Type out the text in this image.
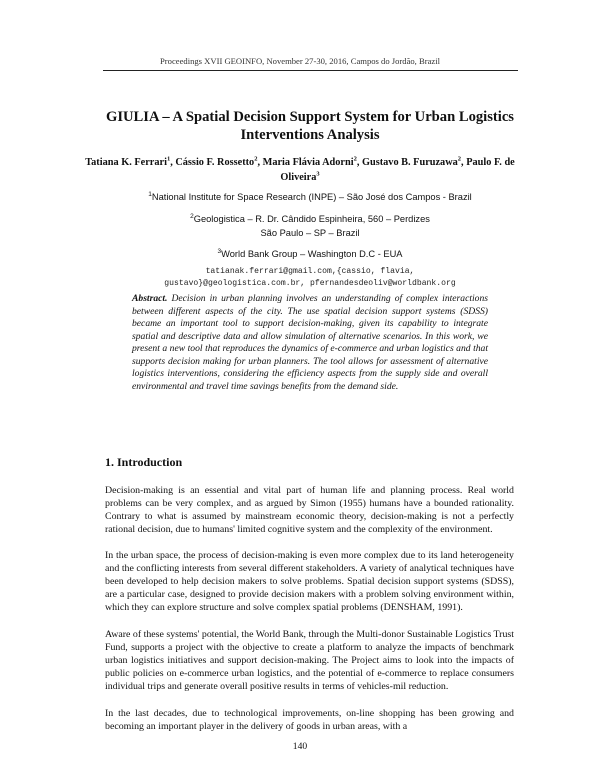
Proceedings XVII GEOINFO, November 27-30, 2016, Campos do Jordão, Brazil
GIULIA – A Spatial Decision Support System for Urban Logistics Interventions Analysis
Tatiana K. Ferrari$^1$, Cássio F. Rossetto$^2$, Maria Flávia Adorni$^2$, Gustavo B. Furuzawa$^2$, Paulo F. de Oliveira$^3$
$^1$National Institute for Space Research (INPE) – São José dos Campos - Brazil
$^2$Geologistica – R. Dr. Cândido Espinheira, 560 – Perdizes
São Paulo – SP – Brazil
$^3$World Bank Group – Washington D.C - EUA
tatianak.ferrari@gmail.com,{cassio, flavia,
gustavo}@geologistica.com.br, pfernandesdeoliv@worldbank.org
Abstract. Decision in urban planning involves an understanding of complex interactions between different aspects of the city. The use spatial decision support systems (SDSS) became an important tool to support decision-making, given its capability to integrate spatial and descriptive data and allow simulation of alternative scenarios. In this work, we present a new tool that reproduces the dynamics of e-commerce and urban logistics and that supports decision making for urban planners. The tool allows for assessment of alternative logistics interventions, considering the efficiency aspects from the supply side and overall environmental and travel time savings benefits from the demand side.
1. Introduction

Decision-making is an essential and vital part of human life and planning process. Real world problems can be very complex, and as argued by Simon (1955) humans have a bounded rationality. Contrary to what is assumed by mainstream economic theory, decision-making is not a perfectly rational decision, due to humans' limited cognitive system and the complexity of the environment.

In the urban space, the process of decision-making is even more complex due to its land heterogeneity and the conflicting interests from several different stakeholders. A variety of analytical techniques have been developed to help decision makers to solve problems. Spatial decision support systems (SDSS), are a particular case, designed to provide decision makers with a problem solving environment within, which they can explore structure and solve complex spatial problems (DENSHAM, 1991).

Aware of these systems' potential, the World Bank, through the Multi-donor Sustainable Logistics Trust Fund, supports a project with the objective to create a platform to analyze the impacts of benchmark urban logistics initiatives and support decision-making. The Project aims to look into the impacts of public policies on e-commerce urban logistics, and the potential of e-commerce to replace consumers individual trips and generate overall positive results in terms of vehicles-mil reduction.

In the last decades, due to technological improvements, on-line shopping has been growing and becoming an important player in the delivery of goods in urban areas, with a

140
